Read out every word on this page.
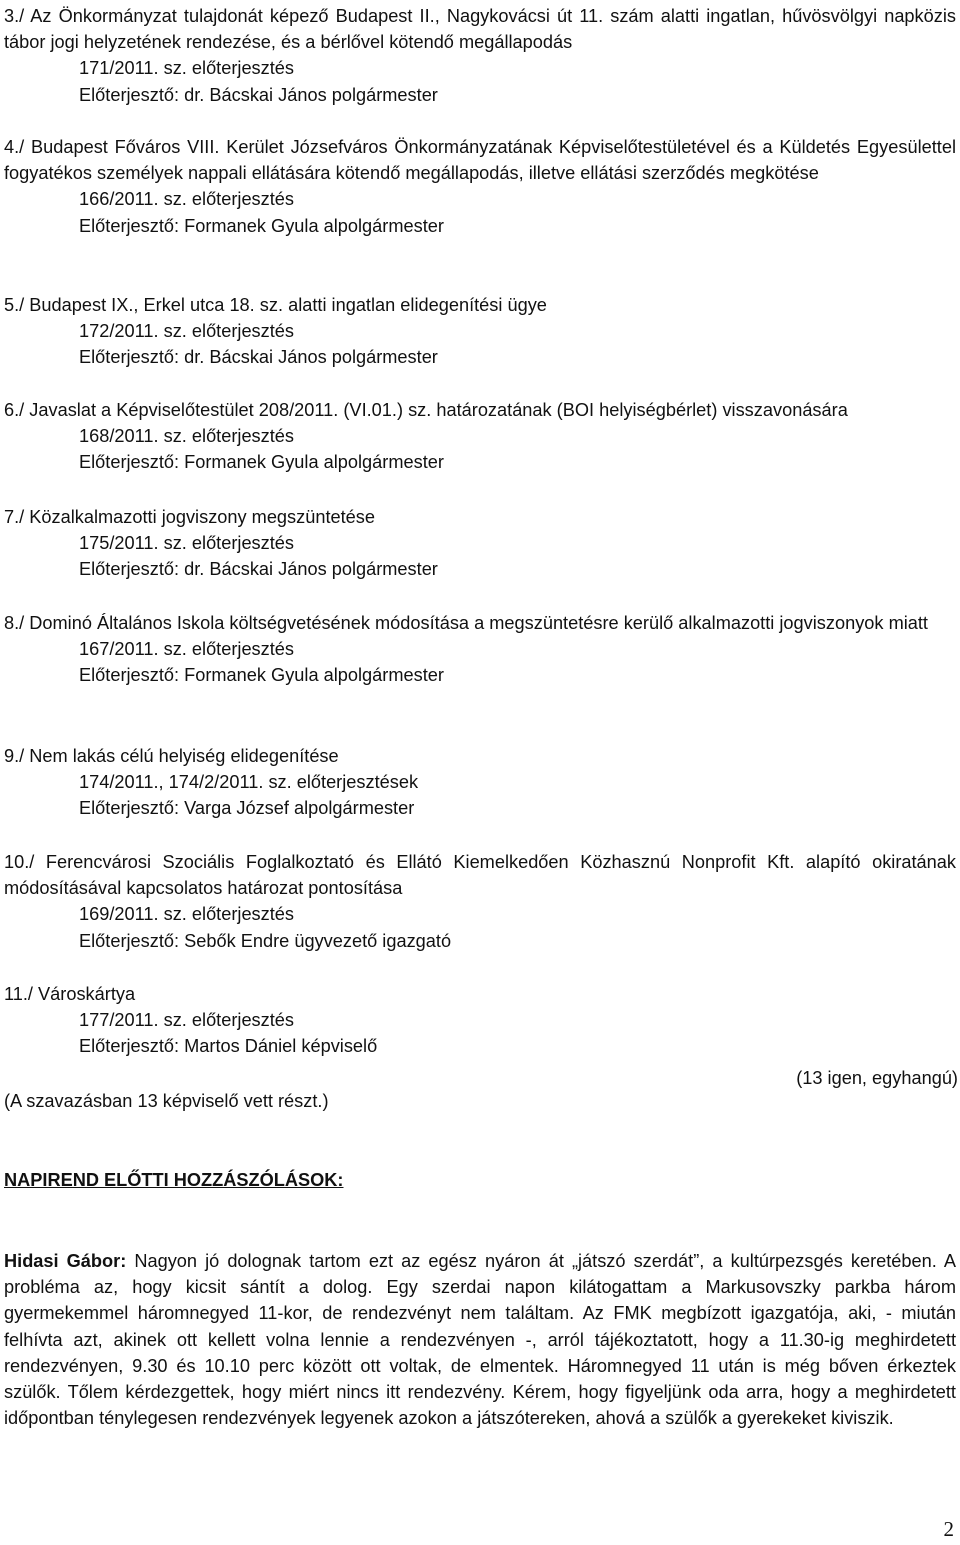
3./ Az Önkormányzat tulajdonát képező Budapest II., Nagykovácsi út 11. szám alatti ingatlan, hűvösvölgyi napközis tábor jogi helyzetének rendezése, és a bérlővel kötendő megállapodás
171/2011. sz. előterjesztés
Előterjesztő: dr. Bácskai János polgármester
4./ Budapest Főváros VIII. Kerület Józsefváros Önkormányzatának Képviselőtestületével és a Küldetés Egyesülettel fogyatékos személyek nappali ellátására kötendő megállapodás, illetve ellátási szerződés megkötése
166/2011. sz. előterjesztés
Előterjesztő: Formanek Gyula alpolgármester
5./ Budapest IX., Erkel utca 18. sz. alatti ingatlan elidegenítési ügye
172/2011. sz. előterjesztés
Előterjesztő: dr. Bácskai János polgármester
6./ Javaslat a Képviselőtestület 208/2011. (VI.01.) sz. határozatának (BOI helyiségbérlet) visszavonására
168/2011. sz. előterjesztés
Előterjesztő: Formanek Gyula alpolgármester
7./ Közalkalmazotti jogviszony megszüntetése
175/2011. sz. előterjesztés
Előterjesztő: dr. Bácskai János polgármester
8./ Dominó Általános Iskola költségvetésének módosítása a megszüntetésre kerülő alkalmazotti jogviszonyok miatt
167/2011. sz. előterjesztés
Előterjesztő: Formanek Gyula alpolgármester
9./ Nem lakás célú helyiség elidegenítése
174/2011., 174/2/2011. sz. előterjesztések
Előterjesztő: Varga József alpolgármester
10./ Ferencvárosi Szociális Foglalkoztató és Ellátó Kiemelkedően Közhasznú Nonprofit Kft. alapító okiratának módosításával kapcsolatos határozat pontosítása
169/2011. sz. előterjesztés
Előterjesztő: Sebők Endre ügyvezető igazgató
11./ Városkártya
177/2011. sz. előterjesztés
Előterjesztő: Martos Dániel képviselő
(13 igen, egyhangú)
(A szavazásban 13 képviselő vett részt.)
NAPIREND ELŐTTI HOZZÁSZÓLÁSOK:
Hidasi Gábor: Nagyon jó dolognak tartom ezt az egész nyáron át „játszó szerdát”, a kultúrpezsgés keretében. A probléma az, hogy kicsit sántít a dolog. Egy szerdai napon kilátogattam a Markusovszky parkba három gyermekemmel háromnegyed 11-kor, de rendezvényt nem találtam. Az FMK megbízott igazgatója, aki, - miután felhívta azt, akinek ott kellett volna lennie a rendezvényen -, arról tájékoztatott, hogy a 11.30-ig meghirdetett rendezvényen, 9.30 és 10.10 perc között ott voltak, de elmentek. Háromnegyed 11 után is még bőven érkeztek szülők. Tőlem kérdezgettek, hogy miért nincs itt rendezvény. Kérem, hogy figyeljünk oda arra, hogy a meghirdetett időpontban ténylegesen rendezvények legyenek azokon a játszótereken, ahová a szülők a gyerekeket kiviszik.
2
